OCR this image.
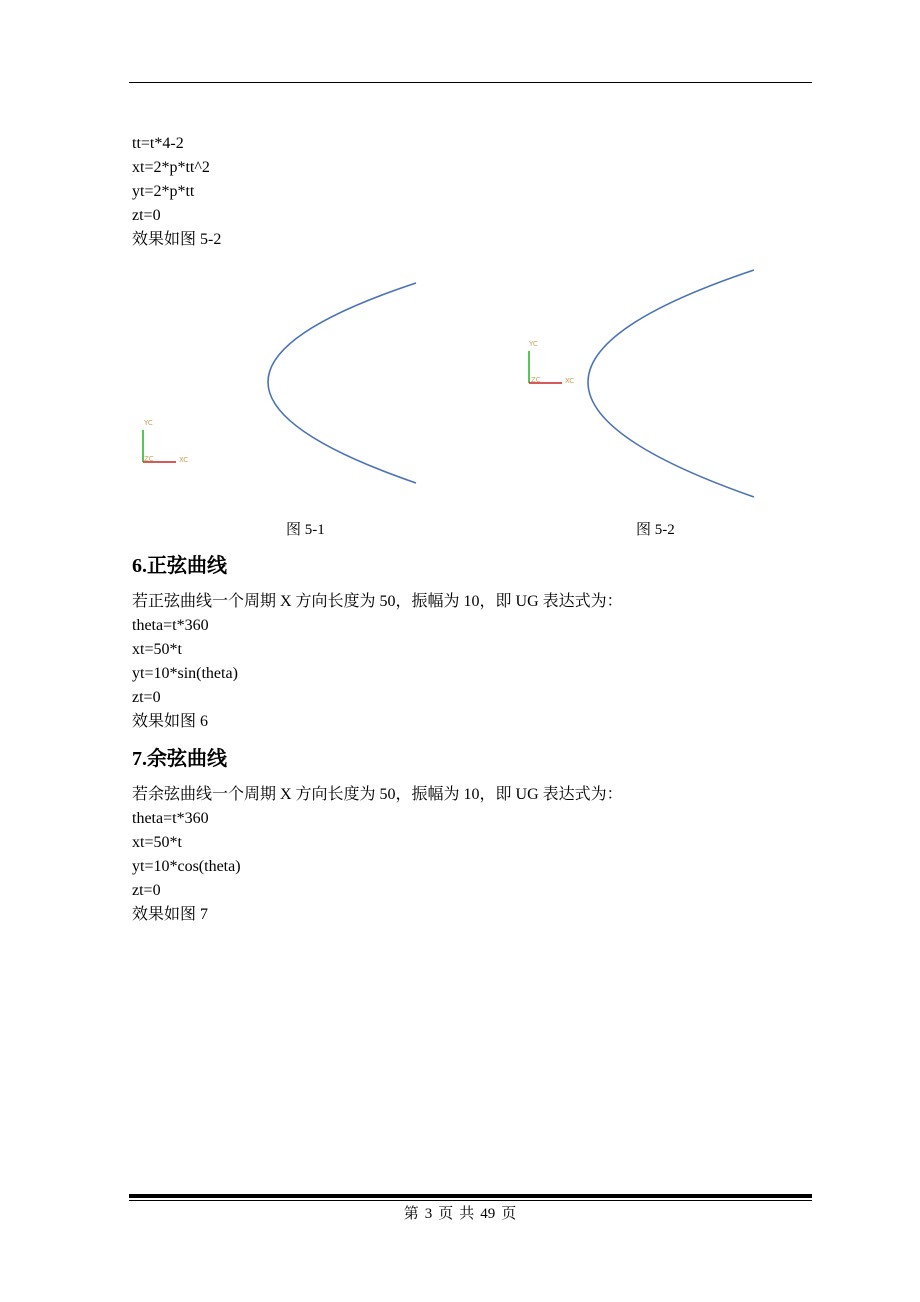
tt=t*4-2
xt=2*p*tt^2
yt=2*p*tt
zt=0
效果如图 5-2
YC
ZC	XC
YC
ZC	XC
图 5-1	图 5-2
6.正弦曲线
若正弦曲线一个周期 X 方向长度为 50，振幅为 10，即 UG 表达式为：
theta=t*360
xt=50*t
yt=10*sin(theta)
zt=0
效果如图 6
7.余弦曲线
若余弦曲线一个周期 X 方向长度为 50，振幅为 10，即 UG 表达式为：
theta=t*360
xt=50*t
yt=10*cos(theta)
zt=0
效果如图 7
第 3 页 共 49 页
